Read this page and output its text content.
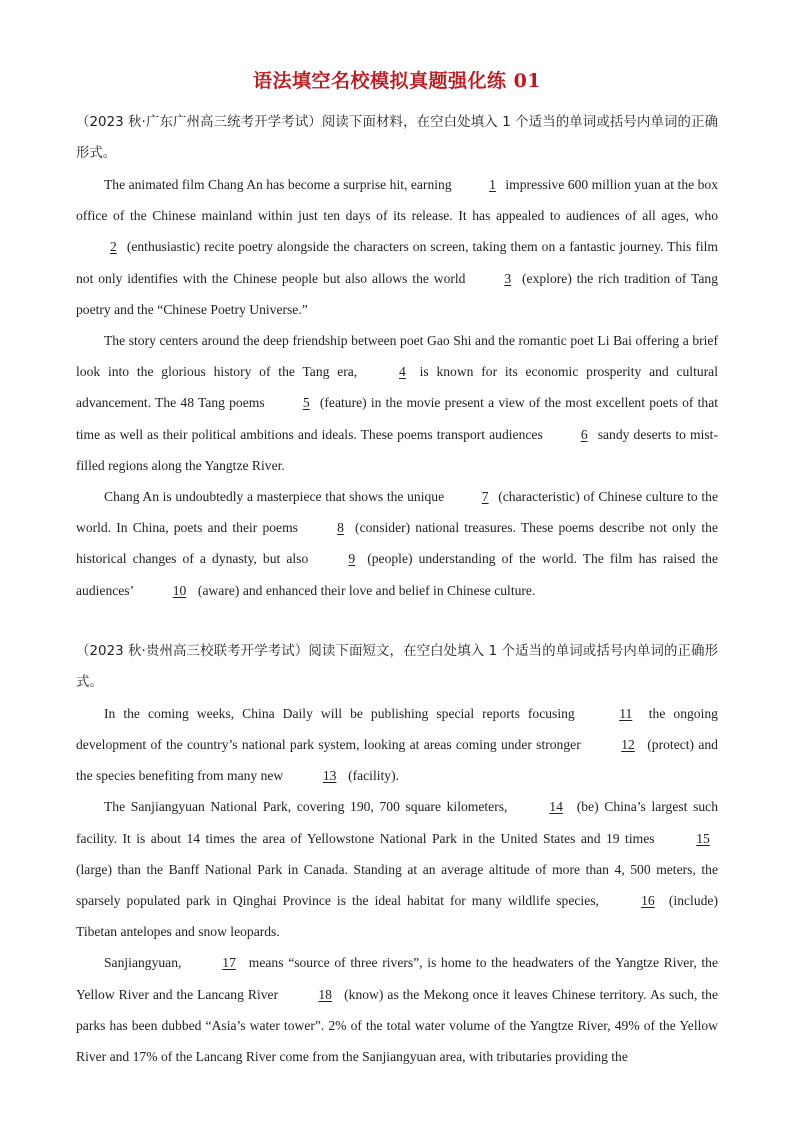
语法填空名校模拟真题强化练 01

（2023 秋·广东广州高三统考开学考试）阅读下面材料，在空白处填入 1 个适当的单词或括号内单词的正确形式。

The animated film Chang An has become a surprise hit, earning	1 impressive 600 million yuan at the box office of the Chinese mainland within just ten days of its release. It has appealed to audiences of all ages, who 2 (enthusiastic) recite poetry alongside the characters on screen, taking them on a fantastic journey. This film not only identifies with the Chinese people but also allows the world	3 (explore) the rich tradition of Tang poetry and the “Chinese Poetry Universe.”

The story centers around the deep friendship between poet Gao Shi and the romantic poet Li Bai offering a brief look into the glorious history of the Tang era,	4 is known for its economic prosperity and cultural advancement. The 48 Tang poems	5 (feature) in the movie present a view of the most excellent poets of that time as well as their political ambitions and ideals. These poems transport audiences	6 sandy deserts to mist-filled regions along the Yangtze River.

Chang An is undoubtedly a masterpiece that shows the unique	7 (characteristic) of Chinese culture to the world. In China, poets and their poems	8 (consider) national treasures. These poems describe not only the historical changes of a dynasty, but also	9 (people) understanding of the world. The film has raised the audiences’	10 (aware) and enhanced their love and belief in Chinese culture.

（2023 秋·贵州高三校联考开学考试）阅读下面短文，在空白处填入 1 个适当的单词或括号内单词的正确形式。

In the coming weeks, China Daily will be publishing special reports focusing	11 the ongoing development of the country’s national park system, looking at areas coming under stronger	12 (protect) and the species benefiting from many new	13 (facility).

The Sanjiangyuan National Park, covering 190, 700 square kilometers,	14 (be) China’s largest such facility. It is about 14 times the area of Yellowstone National Park in the United States and 19 times	15 (large) than the Banff National Park in Canada. Standing at an average altitude of more than 4, 500 meters, the sparsely populated park in Qinghai Province is the ideal habitat for many wildlife species,	16 (include) Tibetan antelopes and snow leopards.

Sanjiangyuan,	17 means “source of three rivers”, is home to the headwaters of the Yangtze River, the Yellow River and the Lancang River	18 (know) as the Mekong once it leaves Chinese territory. As such, the parks has been dubbed “Asia’s water tower”. 2% of the total water volume of the Yangtze River, 49% of the Yellow River and 17% of the Lancang River come from the Sanjiangyuan area, with tributaries providing the
